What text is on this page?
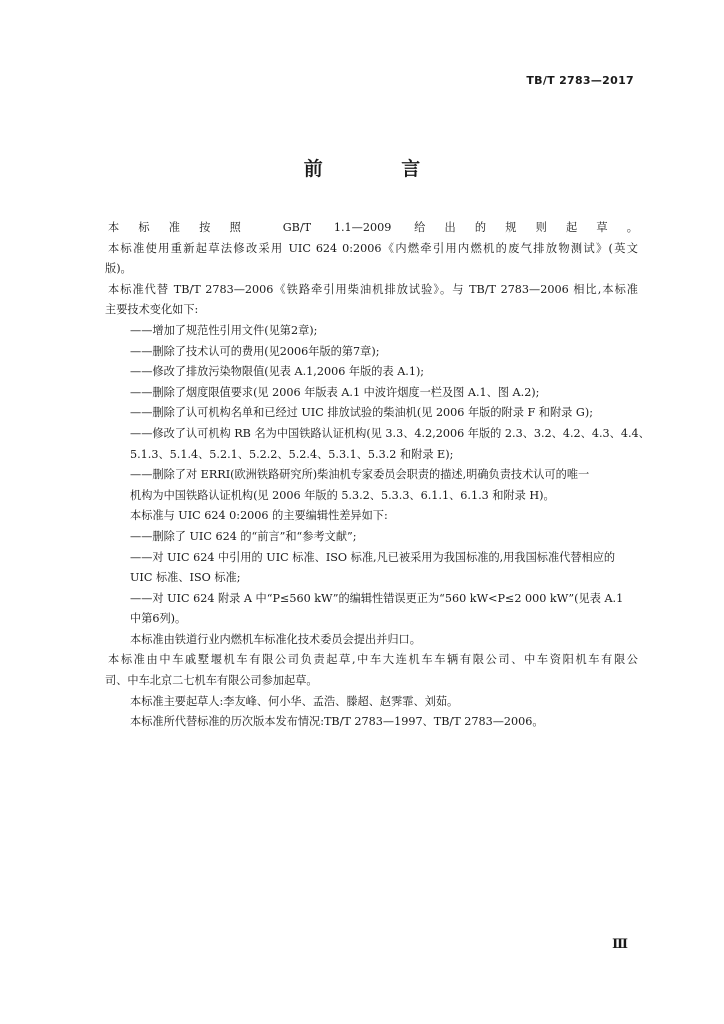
TB/T 2783—2017
前 言
本标准按照 GB/T 1.1—2009 给出的规则起草。
本标准使用重新起草法修改采用 UIC 624 0:2006《内燃牵引用内燃机的废气排放物测试》(英文
版)。
本标准代替 TB/T 2783—2006《铁路牵引用柴油机排放试验》。与 TB/T 2783—2006 相比,本标准
主要技术变化如下:
——增加了规范性引用文件(见第2章);
——删除了技术认可的费用(见2006年版的第7章);
——修改了排放污染物限值(见表 A.1,2006 年版的表 A.1);
——删除了烟度限值要求(见 2006 年版表 A.1 中波许烟度一栏及图 A.1、图 A.2);
——删除了认可机构名单和已经过 UIC 排放试验的柴油机(见 2006 年版的附录 F 和附录 G);
——修改了认可机构 RB 名为中国铁路认证机构(见 3.3、4.2,2006 年版的 2.3、3.2、4.2、4.3、4.4、
5.1.3、5.1.4、5.2.1、5.2.2、5.2.4、5.3.1、5.3.2 和附录 E);
——删除了对 ERRI(欧洲铁路研究所)柴油机专家委员会职责的描述,明确负责技术认可的唯一
机构为中国铁路认证机构(见 2006 年版的 5.3.2、5.3.3、6.1.1、6.1.3 和附录 H)。
本标准与 UIC 624 0:2006 的主要编辑性差异如下:
——删除了 UIC 624 的“前言”和“参考文献”;
——对 UIC 624 中引用的 UIC 标准、ISO 标准,凡已被采用为我国标准的,用我国标准代替相应的
UIC 标准、ISO 标准;
——对 UIC 624 附录 A 中“P≤560 kW”的编辑性错误更正为“560 kW<P≤2 000 kW”(见表 A.1
中第6列)。
本标准由铁道行业内燃机车标准化技术委员会提出并归口。
本标准由中车戚墅堰机车有限公司负责起草,中车大连机车车辆有限公司、中车资阳机车有限公
司、中车北京二七机车有限公司参加起草。
本标准主要起草人:李友峰、何小华、孟浩、滕超、赵霁霏、刘茹。
本标准所代替标准的历次版本发布情况:TB/T 2783—1997、TB/T 2783—2006。
Ⅲ
